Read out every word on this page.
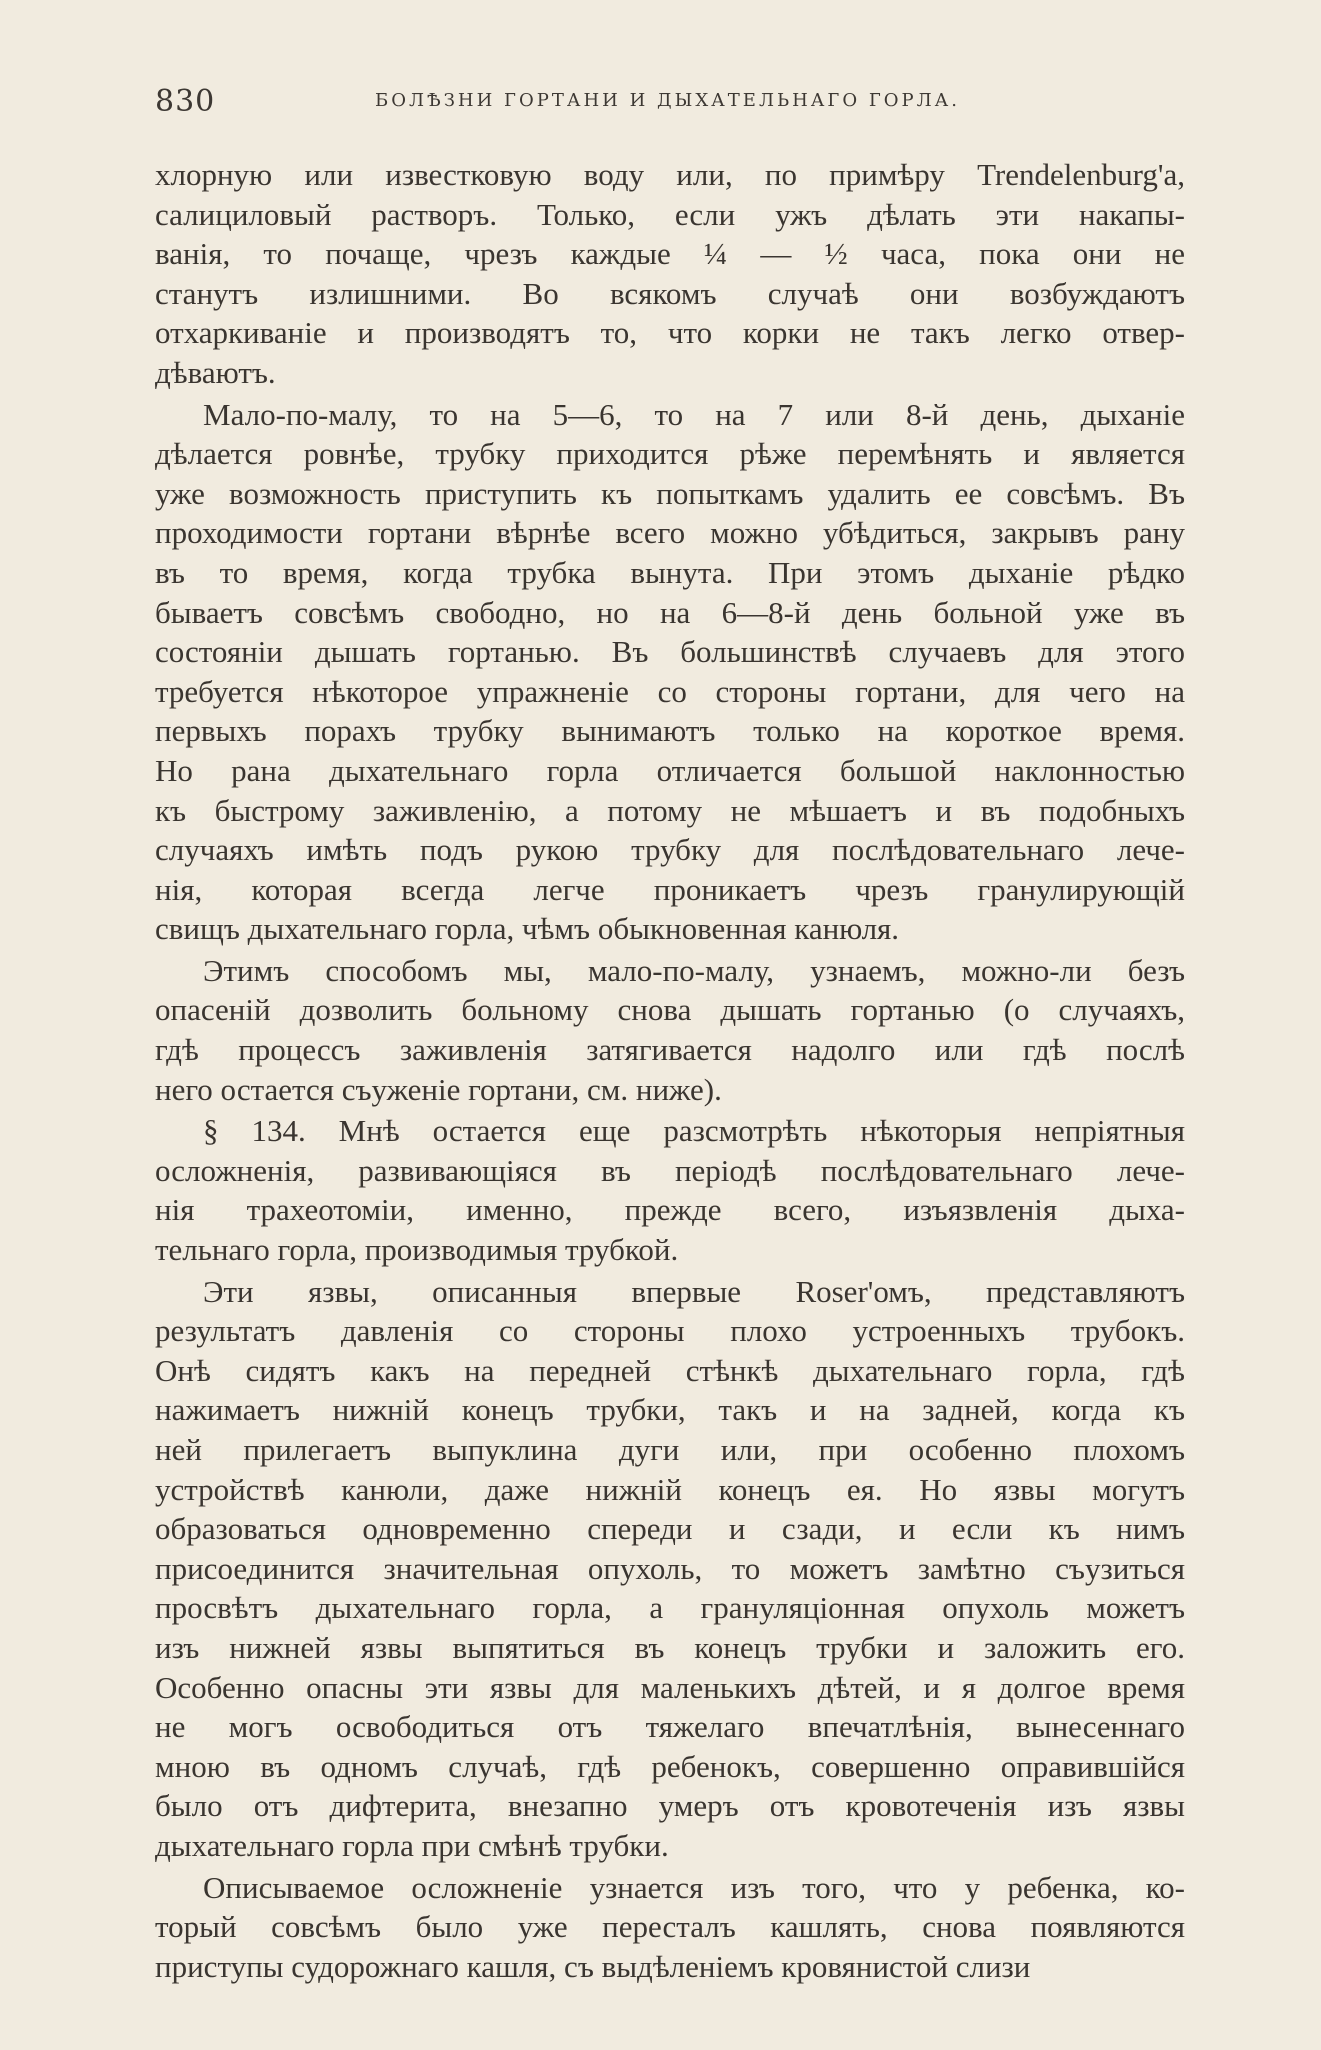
830	БОЛѢЗНИ ГОРТАНИ И ДЫХАТЕЛЬНАГО ГОРЛА.
хлорную или известковую воду или, по примѣру Trendelenburg'а,
салициловый растворъ. Только, если ужъ дѣлать эти накапы-
ванія, то почаще, чрезъ каждые ¼ — ½ часа, пока они не
станутъ излишними. Во всякомъ случаѣ они возбуждаютъ
отхаркиваніе и производятъ то, что корки не такъ легко отвер-
дѣваютъ.
Мало-по-малу, то на 5—6, то на 7 или 8-й день, дыханіе
дѣлается ровнѣе, трубку приходится рѣже перемѣнять и является
уже возможность приступить къ попыткамъ удалить ее совсѣмъ. Въ
проходимости гортани вѣрнѣе всего можно убѣдиться, закрывъ рану
въ то время, когда трубка вынута. При этомъ дыханіе рѣдко
бываетъ совсѣмъ свободно, но на 6—8-й день больной уже въ
состояніи дышать гортанью. Въ большинствѣ случаевъ для этого
требуется нѣкоторое упражненіе со стороны гортани, для чего на
первыхъ порахъ трубку вынимаютъ только на короткое время.
Но рана дыхательнаго горла отличается большой наклонностью
къ быстрому заживленію, а потому не мѣшаетъ и въ подобныхъ
случаяхъ имѣть подъ рукою трубку для послѣдовательнаго лече-
нія, которая всегда легче проникаетъ чрезъ гранулирующій
свищъ дыхательнаго горла, чѣмъ обыкновенная канюля.
Этимъ способомъ мы, мало-по-малу, узнаемъ, можно-ли безъ
опасеній дозволить больному снова дышать гортанью (о случаяхъ,
гдѣ процессъ заживленія затягивается надолго или гдѣ послѣ
него остается съуженіе гортани, см. ниже).
§ 134. Мнѣ остается еще разсмотрѣть нѣкоторыя непріятныя
осложненія, развивающіяся въ періодѣ послѣдовательнаго лече-
нія трахеотоміи, именно, прежде всего, изъязвленія дыха-
тельнаго горла, производимыя трубкой.
Эти язвы, описанныя впервые Roser'омъ, представляютъ
результатъ давленія со стороны плохо устроенныхъ трубокъ.
Онѣ сидятъ какъ на передней стѣнкѣ дыхательнаго горла, гдѣ
нажимаетъ нижній конецъ трубки, такъ и на задней, когда къ
ней прилегаетъ выпуклина дуги или, при особенно плохомъ
устройствѣ канюли, даже нижній конецъ ея. Но язвы могутъ
образоваться одновременно спереди и сзади, и если къ нимъ
присоединится значительная опухоль, то можетъ замѣтно съузиться
просвѣтъ дыхательнаго горла, а грануляціонная опухоль можетъ
изъ нижней язвы выпятиться въ конецъ трубки и заложить его.
Особенно опасны эти язвы для маленькихъ дѣтей, и я долгое время
не могъ освободиться отъ тяжелаго впечатлѣнія, вынесеннаго
мною въ одномъ случаѣ, гдѣ ребенокъ, совершенно оправившійся
было отъ дифтерита, внезапно умеръ отъ кровотеченія изъ язвы
дыхательнаго горла при смѣнѣ трубки.
Описываемое осложненіе узнается изъ того, что у ребенка, ко-
торый совсѣмъ было уже пересталъ кашлять, снова появляются
приступы судорожнаго кашля, съ выдѣленіемъ кровянистой слизи
